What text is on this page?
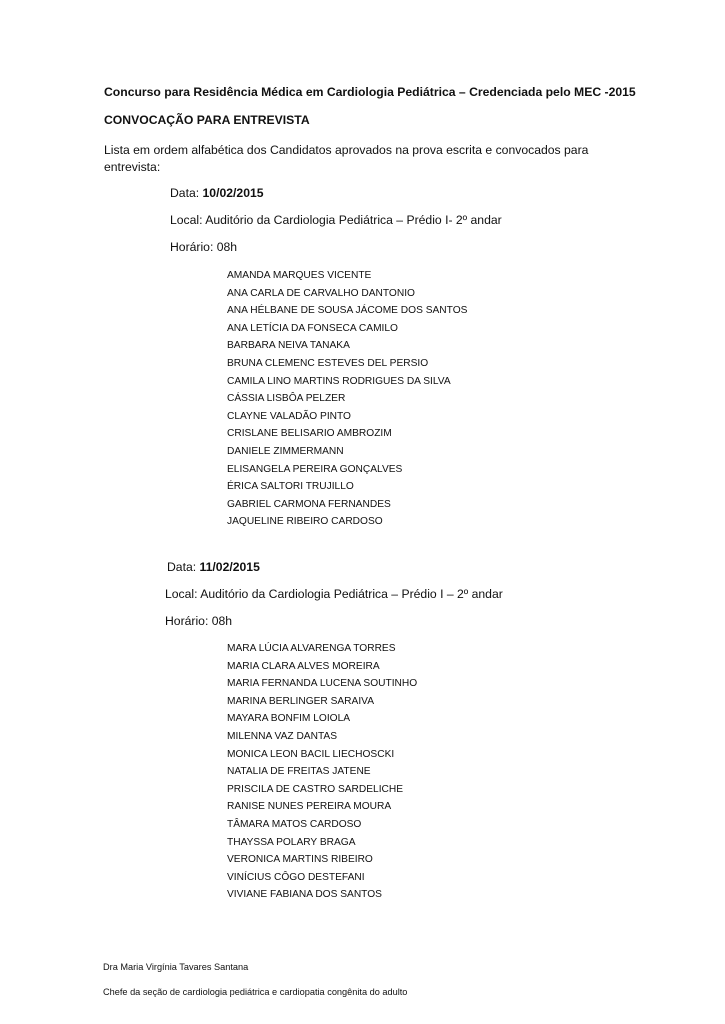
Concurso para Residência Médica em Cardiologia Pediátrica – Credenciada pelo MEC -2015
CONVOCAÇÃO PARA ENTREVISTA
Lista em ordem alfabética dos Candidatos aprovados na prova escrita e convocados para entrevista:
Data: 10/02/2015
Local: Auditório da Cardiologia Pediátrica – Prédio I- 2º andar
Horário: 08h
AMANDA MARQUES VICENTE
ANA CARLA DE CARVALHO DANTONIO
ANA HÉLBANE DE SOUSA JÁCOME DOS SANTOS
ANA LETÍCIA DA FONSECA CAMILO
BARBARA NEIVA TANAKA
BRUNA CLEMENC ESTEVES DEL PERSIO
CAMILA LINO MARTINS RODRIGUES DA SILVA
CÁSSIA LISBÔA PELZER
CLAYNE VALADÃO PINTO
CRISLANE BELISARIO AMBROZIM
DANIELE ZIMMERMANN
ELISANGELA PEREIRA GONÇALVES
ÉRICA SALTORI TRUJILLO
GABRIEL CARMONA FERNANDES
JAQUELINE RIBEIRO CARDOSO
Data: 11/02/2015
Local: Auditório da Cardiologia Pediátrica – Prédio I – 2º andar
Horário: 08h
MARA LÚCIA ALVARENGA TORRES
MARIA CLARA ALVES MOREIRA
MARIA FERNANDA LUCENA SOUTINHO
MARINA BERLINGER SARAIVA
MAYARA BONFIM LOIOLA
MILENNA VAZ DANTAS
MONICA LEON BACIL LIECHOSCKI
NATALIA DE FREITAS JATENE
PRISCILA DE CASTRO SARDELICHE
RANISE NUNES PEREIRA MOURA
TÂMARA MATOS CARDOSO
THAYSSA POLARY BRAGA
VERONICA MARTINS RIBEIRO
VINÍCIUS CÔGO DESTEFANI
VIVIANE FABIANA DOS SANTOS
Dra Maria Virgínia Tavares Santana
Chefe da seção de cardiologia pediátrica e cardiopatia congênita do adulto
